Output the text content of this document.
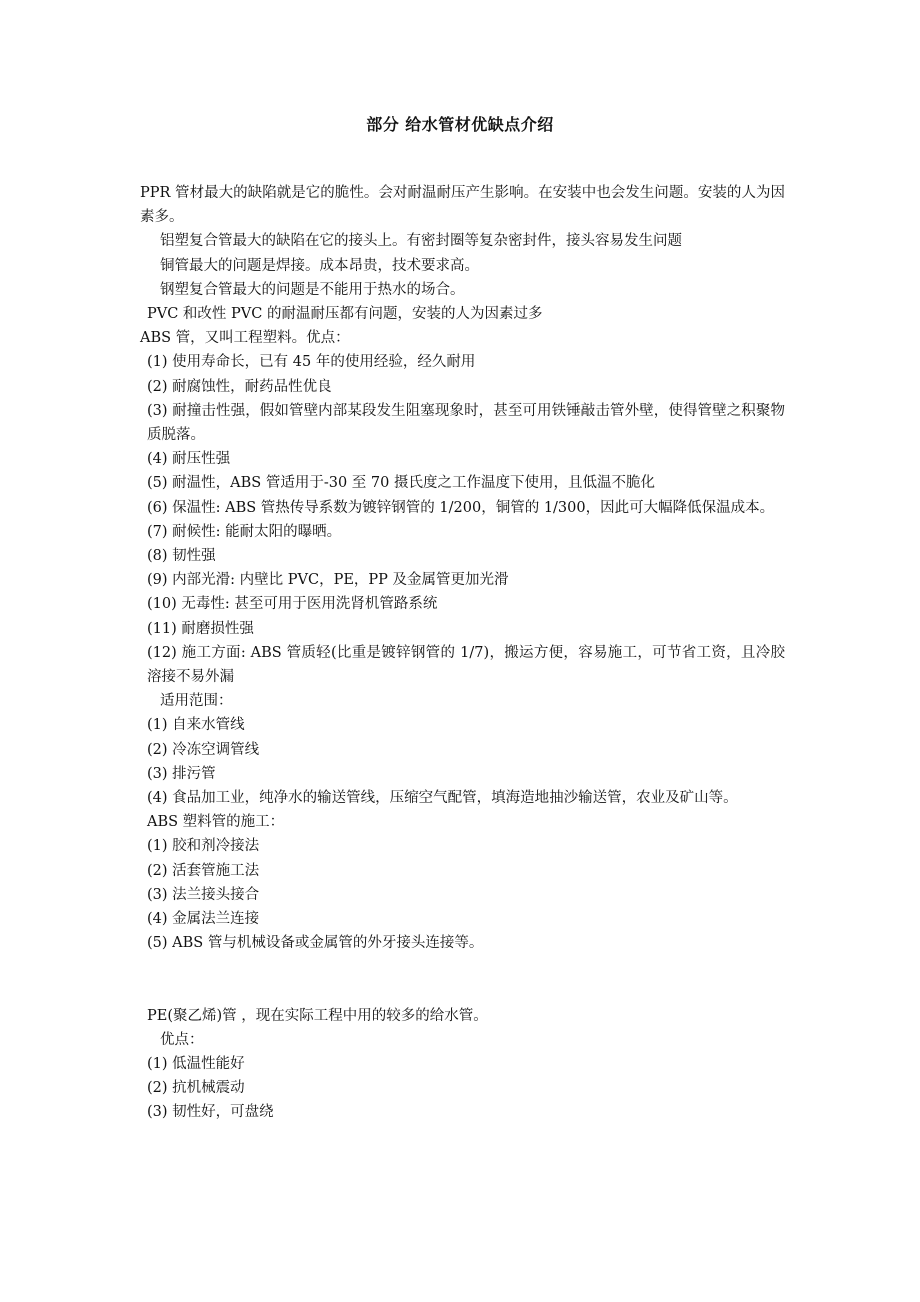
部分 给水管材优缺点介绍

PPR 管材最大的缺陷就是它的脆性。会对耐温耐压产生影响。在安装中也会发生问题。安装的人为因素多。

铝塑复合管最大的缺陷在它的接头上。有密封圈等复杂密封件，接头容易发生问题

铜管最大的问题是焊接。成本昂贵，技术要求高。

钢塑复合管最大的问题是不能用于热水的场合。

PVC 和改性 PVC 的耐温耐压都有问题，安装的人为因素过多

ABS 管，又叫工程塑料。优点：

(1) 使用寿命长，已有 45 年的使用经验，经久耐用

(2) 耐腐蚀性，耐药品性优良

(3) 耐撞击性强，假如管壁内部某段发生阻塞现象时，甚至可用铁锤敲击管外壁，使得管壁之积聚物质脱落。

(4) 耐压性强

(5) 耐温性，ABS 管适用于-30 至 70 摄氏度之工作温度下使用，且低温不脆化

(6) 保温性: ABS 管热传导系数为镀锌钢管的 1/200，铜管的 1/300，因此可大幅降低保温成本。

(7) 耐候性: 能耐太阳的曝晒。

(8) 韧性强

(9) 内部光滑: 内壁比 PVC，PE，PP 及金属管更加光滑

(10) 无毒性: 甚至可用于医用洗肾机管路系统

(11) 耐磨损性强

(12) 施工方面: ABS 管质轻(比重是镀锌钢管的 1/7)，搬运方便，容易施工，可节省工资，且冷胶溶接不易外漏

适用范围：

(1) 自来水管线

(2) 冷冻空调管线

(3) 排污管

(4) 食品加工业，纯净水的输送管线，压缩空气配管，填海造地抽沙输送管，农业及矿山等。

ABS 塑料管的施工：

(1) 胶和剂冷接法

(2) 活套管施工法

(3) 法兰接头接合

(4) 金属法兰连接

(5) ABS 管与机械设备或金属管的外牙接头连接等。

PE(聚乙烯)管 ，现在实际工程中用的较多的给水管。

优点：

(1) 低温性能好

(2) 抗机械震动

(3) 韧性好，可盘绕
